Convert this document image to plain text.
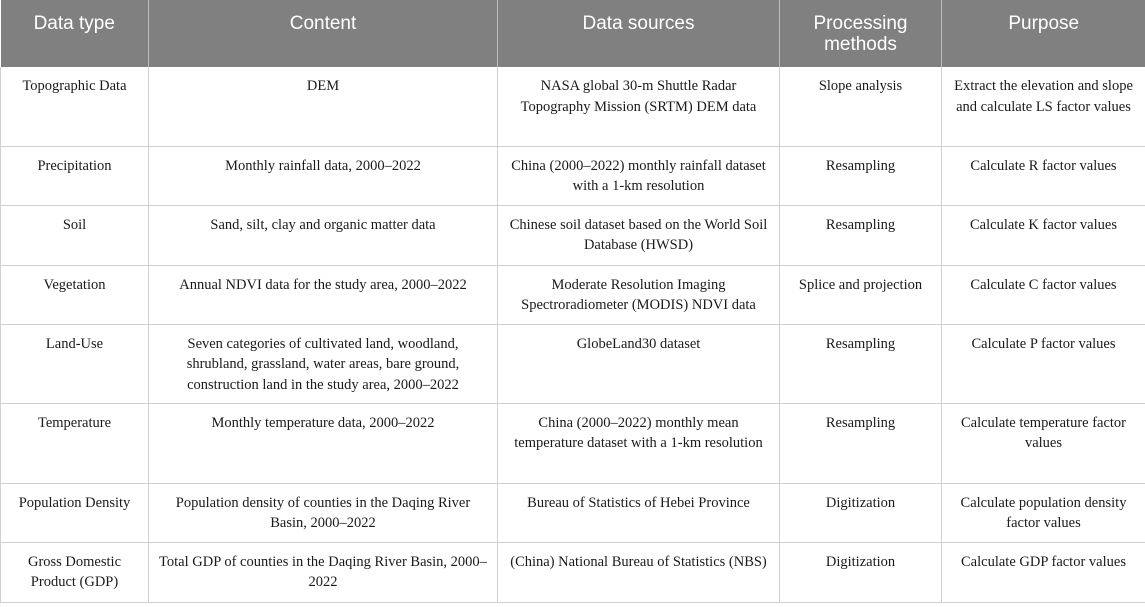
Data type	Content	Data sources	Processing methods	Purpose
Topographic Data	DEM	NASA global 30-m Shuttle Radar Topography Mission (SRTM) DEM data	Slope analysis	Extract the elevation and slope and calculate LS factor values
Precipitation	Monthly rainfall data, 2000–2022	China (2000–2022) monthly rainfall dataset with a 1-km resolution	Resampling	Calculate R factor values
Soil	Sand, silt, clay and organic matter data	Chinese soil dataset based on the World Soil Database (HWSD)	Resampling	Calculate K factor values
Vegetation	Annual NDVI data for the study area, 2000–2022	Moderate Resolution Imaging Spectroradiometer (MODIS) NDVI data	Splice and projection	Calculate C factor values
Land-Use	Seven categories of cultivated land, woodland, shrubland, grassland, water areas, bare ground, construction land in the study area, 2000–2022	GlobeLand30 dataset	Resampling	Calculate P factor values
Temperature	Monthly temperature data, 2000–2022	China (2000–2022) monthly mean temperature dataset with a 1-km resolution	Resampling	Calculate temperature factor values
Population Density	Population density of counties in the Daqing River Basin, 2000–2022	Bureau of Statistics of Hebei Province	Digitization	Calculate population density factor values
Gross Domestic Product (GDP)	Total GDP of counties in the Daqing River Basin, 2000–2022	(China) National Bureau of Statistics (NBS)	Digitization	Calculate GDP factor values
